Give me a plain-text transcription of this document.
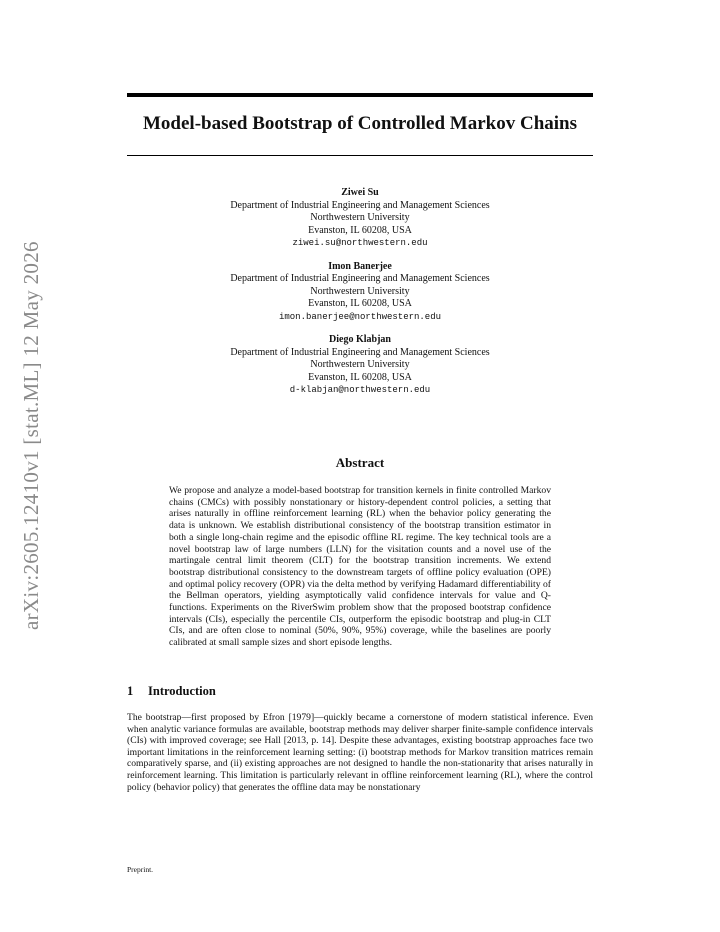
arXiv:2605.12410v1 [stat.ML] 12 May 2026
Model-based Bootstrap of Controlled Markov Chains
Ziwei Su
Department of Industrial Engineering and Management Sciences
Northwestern University
Evanston, IL 60208, USA
ziwei.su@northwestern.edu
Imon Banerjee
Department of Industrial Engineering and Management Sciences
Northwestern University
Evanston, IL 60208, USA
imon.banerjee@northwestern.edu
Diego Klabjan
Department of Industrial Engineering and Management Sciences
Northwestern University
Evanston, IL 60208, USA
d-klabjan@northwestern.edu
Abstract

We propose and analyze a model-based bootstrap for transition kernels in finite controlled Markov chains (CMCs) with possibly nonstationary or history-dependent control policies, a setting that arises naturally in offline reinforcement learning (RL) when the behavior policy generating the data is unknown. We establish distributional consistency of the bootstrap transition estimator in both a single long-chain regime and the episodic offline RL regime. The key technical tools are a novel bootstrap law of large numbers (LLN) for the visitation counts and a novel use of the martingale central limit theorem (CLT) for the bootstrap transition increments. We extend bootstrap distributional consistency to the downstream targets of offline policy evaluation (OPE) and optimal policy recovery (OPR) via the delta method by verifying Hadamard differentiability of the Bellman operators, yielding asymptotically valid confidence intervals for value and Q-functions. Experiments on the RiverSwim problem show that the proposed bootstrap confidence intervals (CIs), especially the percentile CIs, outperform the episodic bootstrap and plug-in CLT CIs, and are often close to nominal (50%, 90%, 95%) coverage, while the baselines are poorly calibrated at small sample sizes and short episode lengths.

1 Introduction

The bootstrap—first proposed by Efron [1979]—quickly became a cornerstone of modern statistical inference. Even when analytic variance formulas are available, bootstrap methods may deliver sharper finite-sample confidence intervals (CIs) with improved coverage; see Hall [2013, p. 14]. Despite these advantages, existing bootstrap approaches face two important limitations in the reinforcement learning setting: (i) bootstrap methods for Markov transition matrices remain comparatively sparse, and (ii) existing approaches are not designed to handle the non-stationarity that arises naturally in reinforcement learning. This limitation is particularly relevant in offline reinforcement learning (RL), where the control policy (behavior policy) that generates the offline data may be nonstationary

Preprint.
